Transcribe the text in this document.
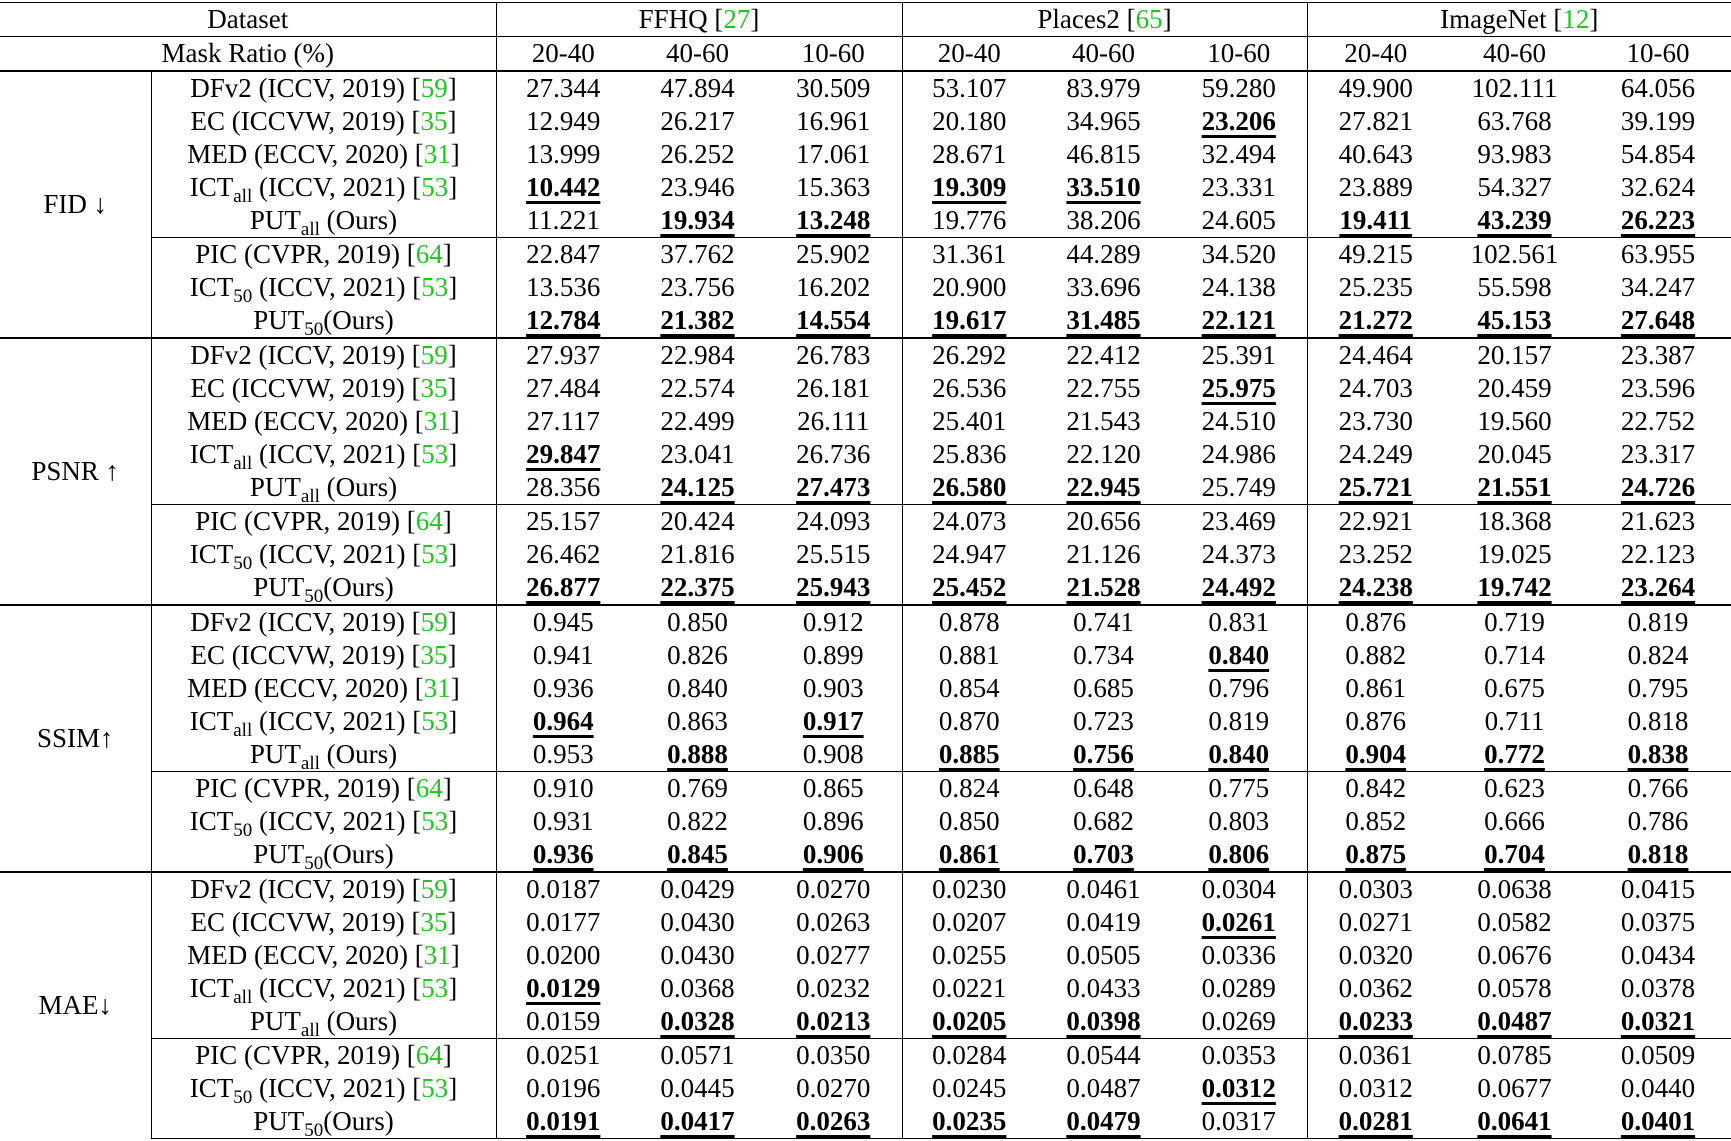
Dataset		FFHQ [27]			Places2 [65]			ImageNet [12]		
Mask Ratio (%)		20-40	40-60	10-60	20-40	40-60	10-60	20-40	40-60	10-60
FID ↓	DFv2 (ICCV, 2019) [59]	27.344	47.894	30.509	53.107	83.979	59.280	49.900	102.111	64.056
	EC (ICCVW, 2019) [35]	12.949	26.217	16.961	20.180	34.965	23.206	27.821	63.768	39.199
	MED (ECCV, 2020) [31]	13.999	26.252	17.061	28.671	46.815	32.494	40.643	93.983	54.854
	$ICT_{all}$ (ICCV, 2021) [53]	10.442	23.946	15.363	19.309	33.510	23.331	23.889	54.327	32.624
	$PUT_{all}$ (Ours)	11.221	19.934	13.248	19.776	38.206	24.605	19.411	43.239	26.223
	PIC (CVPR, 2019) [64]	22.847	37.762	25.902	31.361	44.289	34.520	49.215	102.561	63.955
	$ICT_{50}$ (ICCV, 2021) [53]	13.536	23.756	16.202	20.900	33.696	24.138	25.235	55.598	34.247
	$PUT_{50}(Ours)$	12.784	21.382	14.554	19.617	31.485	22.121	21.272	45.153	27.648
PSNR ↑	DFv2 (ICCV, 2019) [59]	27.937	22.984	26.783	26.292	22.412	25.391	24.464	20.157	23.387
	EC (ICCVW, 2019) [35]	27.484	22.574	26.181	26.536	22.755	25.975	24.703	20.459	23.596
	MED (ECCV, 2020) [31]	27.117	22.499	26.111	25.401	21.543	24.510	23.730	19.560	22.752
	$ICT_{all}$ (ICCV, 2021) [53]	29.847	23.041	26.736	25.836	22.120	24.986	24.249	20.045	23.317
	$PUT_{all}$ (Ours)	28.356	24.125	27.473	26.580	22.945	25.749	25.721	21.551	24.726
	PIC (CVPR, 2019) [64]	25.157	20.424	24.093	24.073	20.656	23.469	22.921	18.368	21.623
	$ICT_{50}$ (ICCV, 2021) [53]	26.462	21.816	25.515	24.947	21.126	24.373	23.252	19.025	22.123
	$PUT_{50}(Ours)$	26.877	22.375	25.943	25.452	21.528	24.492	24.238	19.742	23.264
SSIM↑	DFv2 (ICCV, 2019) [59]	0.945	0.850	0.912	0.878	0.741	0.831	0.876	0.719	0.819
	EC (ICCVW, 2019) [35]	0.941	0.826	0.899	0.881	0.734	0.840	0.882	0.714	0.824
	MED (ECCV, 2020) [31]	0.936	0.840	0.903	0.854	0.685	0.796	0.861	0.675	0.795
	$ICT_{all}$ (ICCV, 2021) [53]	0.964	0.863	0.917	0.870	0.723	0.819	0.876	0.711	0.818
	$PUT_{all}$ (Ours)	0.953	0.888	0.908	0.885	0.756	0.840	0.904	0.772	0.838
	PIC (CVPR, 2019) [64]	0.910	0.769	0.865	0.824	0.648	0.775	0.842	0.623	0.766
	$ICT_{50}$ (ICCV, 2021) [53]	0.931	0.822	0.896	0.850	0.682	0.803	0.852	0.666	0.786
	$PUT_{50}(Ours)$	0.936	0.845	0.906	0.861	0.703	0.806	0.875	0.704	0.818
MAE↓	DFv2 (ICCV, 2019) [59]	0.0187	0.0429	0.0270	0.0230	0.0461	0.0304	0.0303	0.0638	0.0415
	EC (ICCVW, 2019) [35]	0.0177	0.0430	0.0263	0.0207	0.0419	0.0261	0.0271	0.0582	0.0375
	MED (ECCV, 2020) [31]	0.0200	0.0430	0.0277	0.0255	0.0505	0.0336	0.0320	0.0676	0.0434
	$ICT_{all}$ (ICCV, 2021) [53]	0.0129	0.0368	0.0232	0.0221	0.0433	0.0289	0.0362	0.0578	0.0378
	$PUT_{all}$ (Ours)	0.0159	0.0328	0.0213	0.0205	0.0398	0.0269	0.0233	0.0487	0.0321
	PIC (CVPR, 2019) [64]	0.0251	0.0571	0.0350	0.0284	0.0544	0.0353	0.0361	0.0785	0.0509
	$ICT_{50}$ (ICCV, 2021) [53]	0.0196	0.0445	0.0270	0.0245	0.0487	0.0312	0.0312	0.0677	0.0440
	$PUT_{50}(Ours)$	0.0191	0.0417	0.0263	0.0235	0.0479	0.0317	0.0281	0.0641	0.0401
